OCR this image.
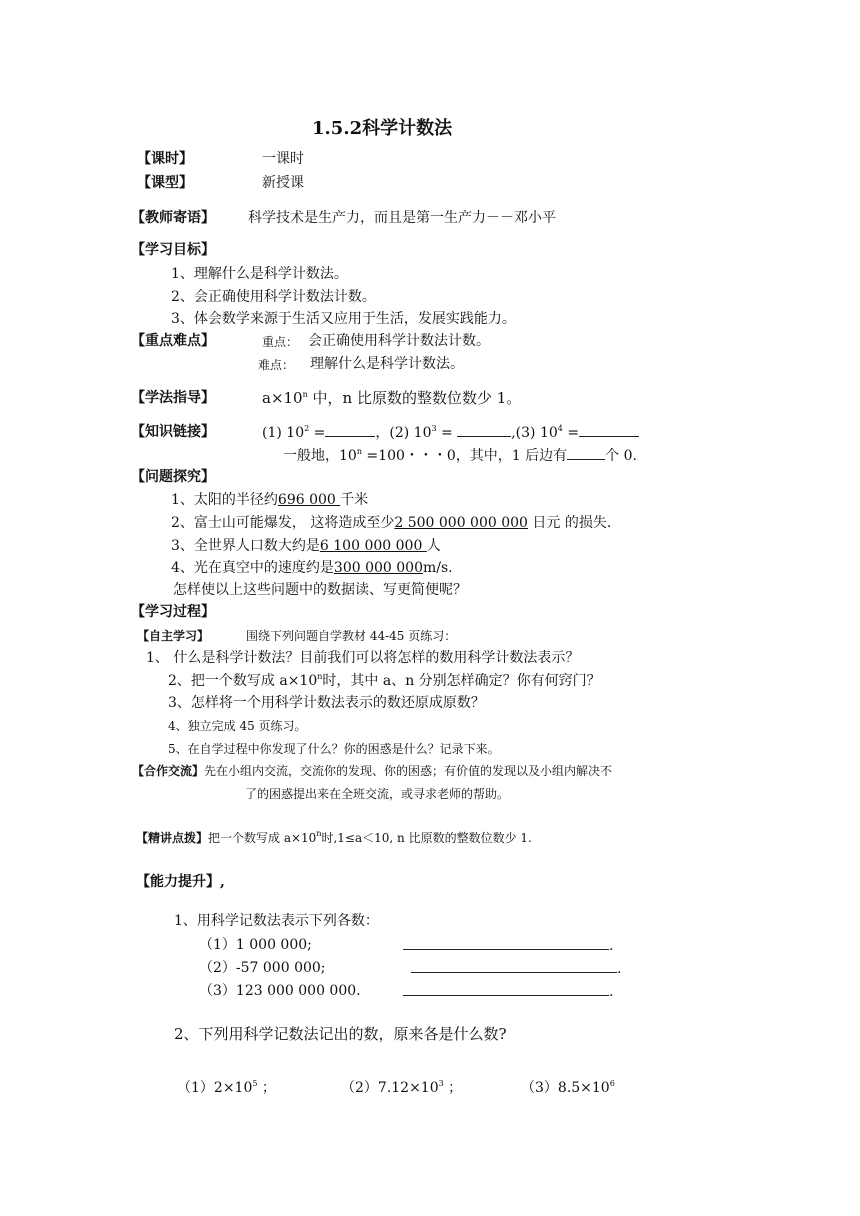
1.5.2科学计数法
【课时】	一课时
【课型】	新授课
【教师寄语】 科学技术是生产力，而且是第一生产力－－邓小平
【学习目标】
1、理解什么是科学计数法。
2、会正确使用科学计数法计数。
3、体会数学来源于生活又应用于生活，发展实践能力。
【重点难点】	重点： 会正确使用科学计数法计数。
难点： 理解什么是科学计数法。
【学法指导】	$a\times 10^n$ 中，n 比原数的整数位数少 1。
【知识链接】	(1) $10^2$ =	，(2) $10^3$ =	,(3) $10^4$ =
一般地，$10^n =100$・・・0，其中，1 后边有	个 0.
【问题探究】
1、太阳的半径约696 000 千米
2、富士山可能爆发， 这将造成至少2 500 000 000 000 日元 的损失.
3、全世界人口数大约是6 100 000 000 人
4、光在真空中的速度约是300 000 000m/s.
怎样使以上这些问题中的数据读、写更简便呢？
【学习过程】
【自主学习】	围绕下列问题自学教材 44-45 页练习：
1、 什么是科学计数法？目前我们可以将怎样的数用科学计数法表示？
2、把一个数写成 $a\times 10^n$时，其中 a、n 分别怎样确定？你有何窍门？
3、怎样将一个用科学计数法表示的数还原成原数？
4、独立完成 45 页练习。
5、在自学过程中你发现了什么？你的困惑是什么？记录下来。
【合作交流】先在小组内交流，交流你的发现、你的困惑；有价值的发现以及小组内解决不
了的困惑提出来在全班交流，或寻求老师的帮助。
【精讲点拨】把一个数写成 $a\times 10^n$时,1≤a＜10, n 比原数的整数位数少 1.
【能力提升】,
1、用科学记数法表示下列各数：
（1）1 000 000;	.
（2）-57 000 000;	.
（3）123 000 000 000.	.
2、下列用科学记数法记出的数，原来各是什么数?
$(1)2\times 10^5$ ；	$(2)7.12\times 10^3$ ；	$(3)8.5\times 10^6$
